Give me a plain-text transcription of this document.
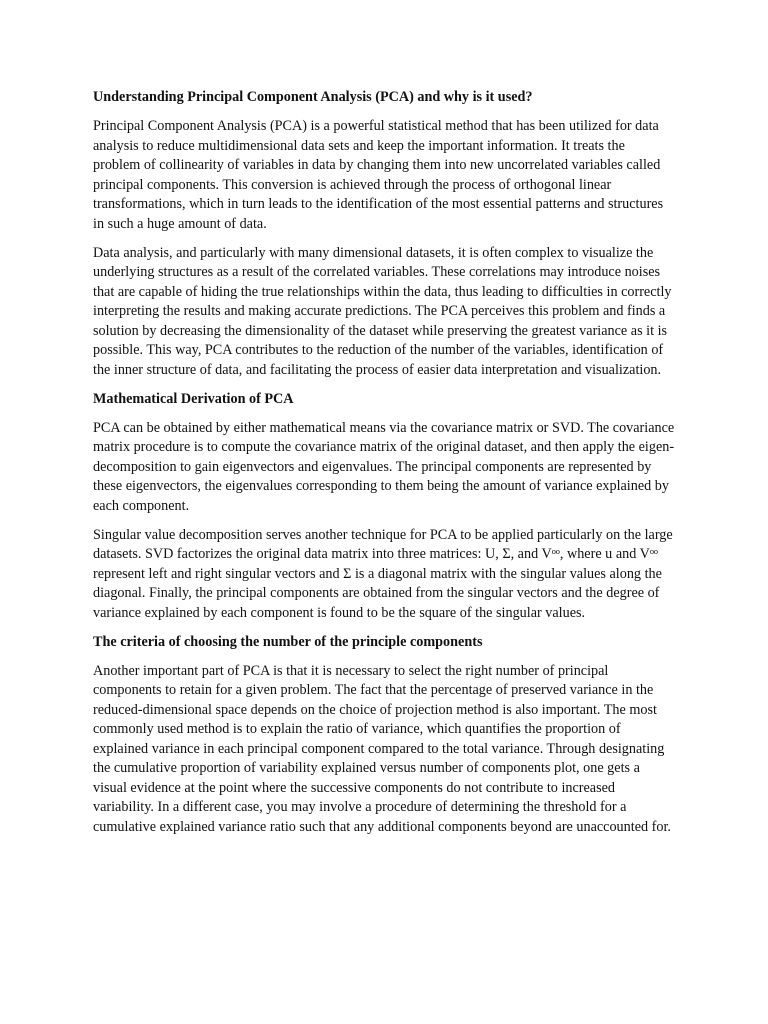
Understanding Principal Component Analysis (PCA) and why is it used?

Principal Component Analysis (PCA) is a powerful statistical method that has been utilized for data analysis to reduce multidimensional data sets and keep the important information. It treats the problem of collinearity of variables in data by changing them into new uncorrelated variables called principal components. This conversion is achieved through the process of orthogonal linear transformations, which in turn leads to the identification of the most essential patterns and structures in such a huge amount of data.

Data analysis, and particularly with many dimensional datasets, it is often complex to visualize the underlying structures as a result of the correlated variables. These correlations may introduce noises that are capable of hiding the true relationships within the data, thus leading to difficulties in correctly interpreting the results and making accurate predictions. The PCA perceives this problem and finds a solution by decreasing the dimensionality of the dataset while preserving the greatest variance as it is possible. This way, PCA contributes to the reduction of the number of the variables, identification of the inner structure of data, and facilitating the process of easier data interpretation and visualization.

Mathematical Derivation of PCA

PCA can be obtained by either mathematical means via the covariance matrix or SVD. The covariance matrix procedure is to compute the covariance matrix of the original dataset, and then apply the eigen-decomposition to gain eigenvectors and eigenvalues. The principal components are represented by these eigenvectors, the eigenvalues corresponding to them being the amount of variance explained by each component.

Singular value decomposition serves another technique for PCA to be applied particularly on the large datasets. SVD factorizes the original data matrix into three matrices: U, Σ, and Vᵒᵒ, where u and Vᵒᵒ represent left and right singular vectors and Σ is a diagonal matrix with the singular values along the diagonal. Finally, the principal components are obtained from the singular vectors and the degree of variance explained by each component is found to be the square of the singular values.

The criteria of choosing the number of the principle components

Another important part of PCA is that it is necessary to select the right number of principal components to retain for a given problem. The fact that the percentage of preserved variance in the reduced-dimensional space depends on the choice of projection method is also important. The most commonly used method is to explain the ratio of variance, which quantifies the proportion of explained variance in each principal component compared to the total variance. Through designating the cumulative proportion of variability explained versus number of components plot, one gets a visual evidence at the point where the successive components do not contribute to increased variability. In a different case, you may involve a procedure of determining the threshold for a cumulative explained variance ratio such that any additional components beyond are unaccounted for.
